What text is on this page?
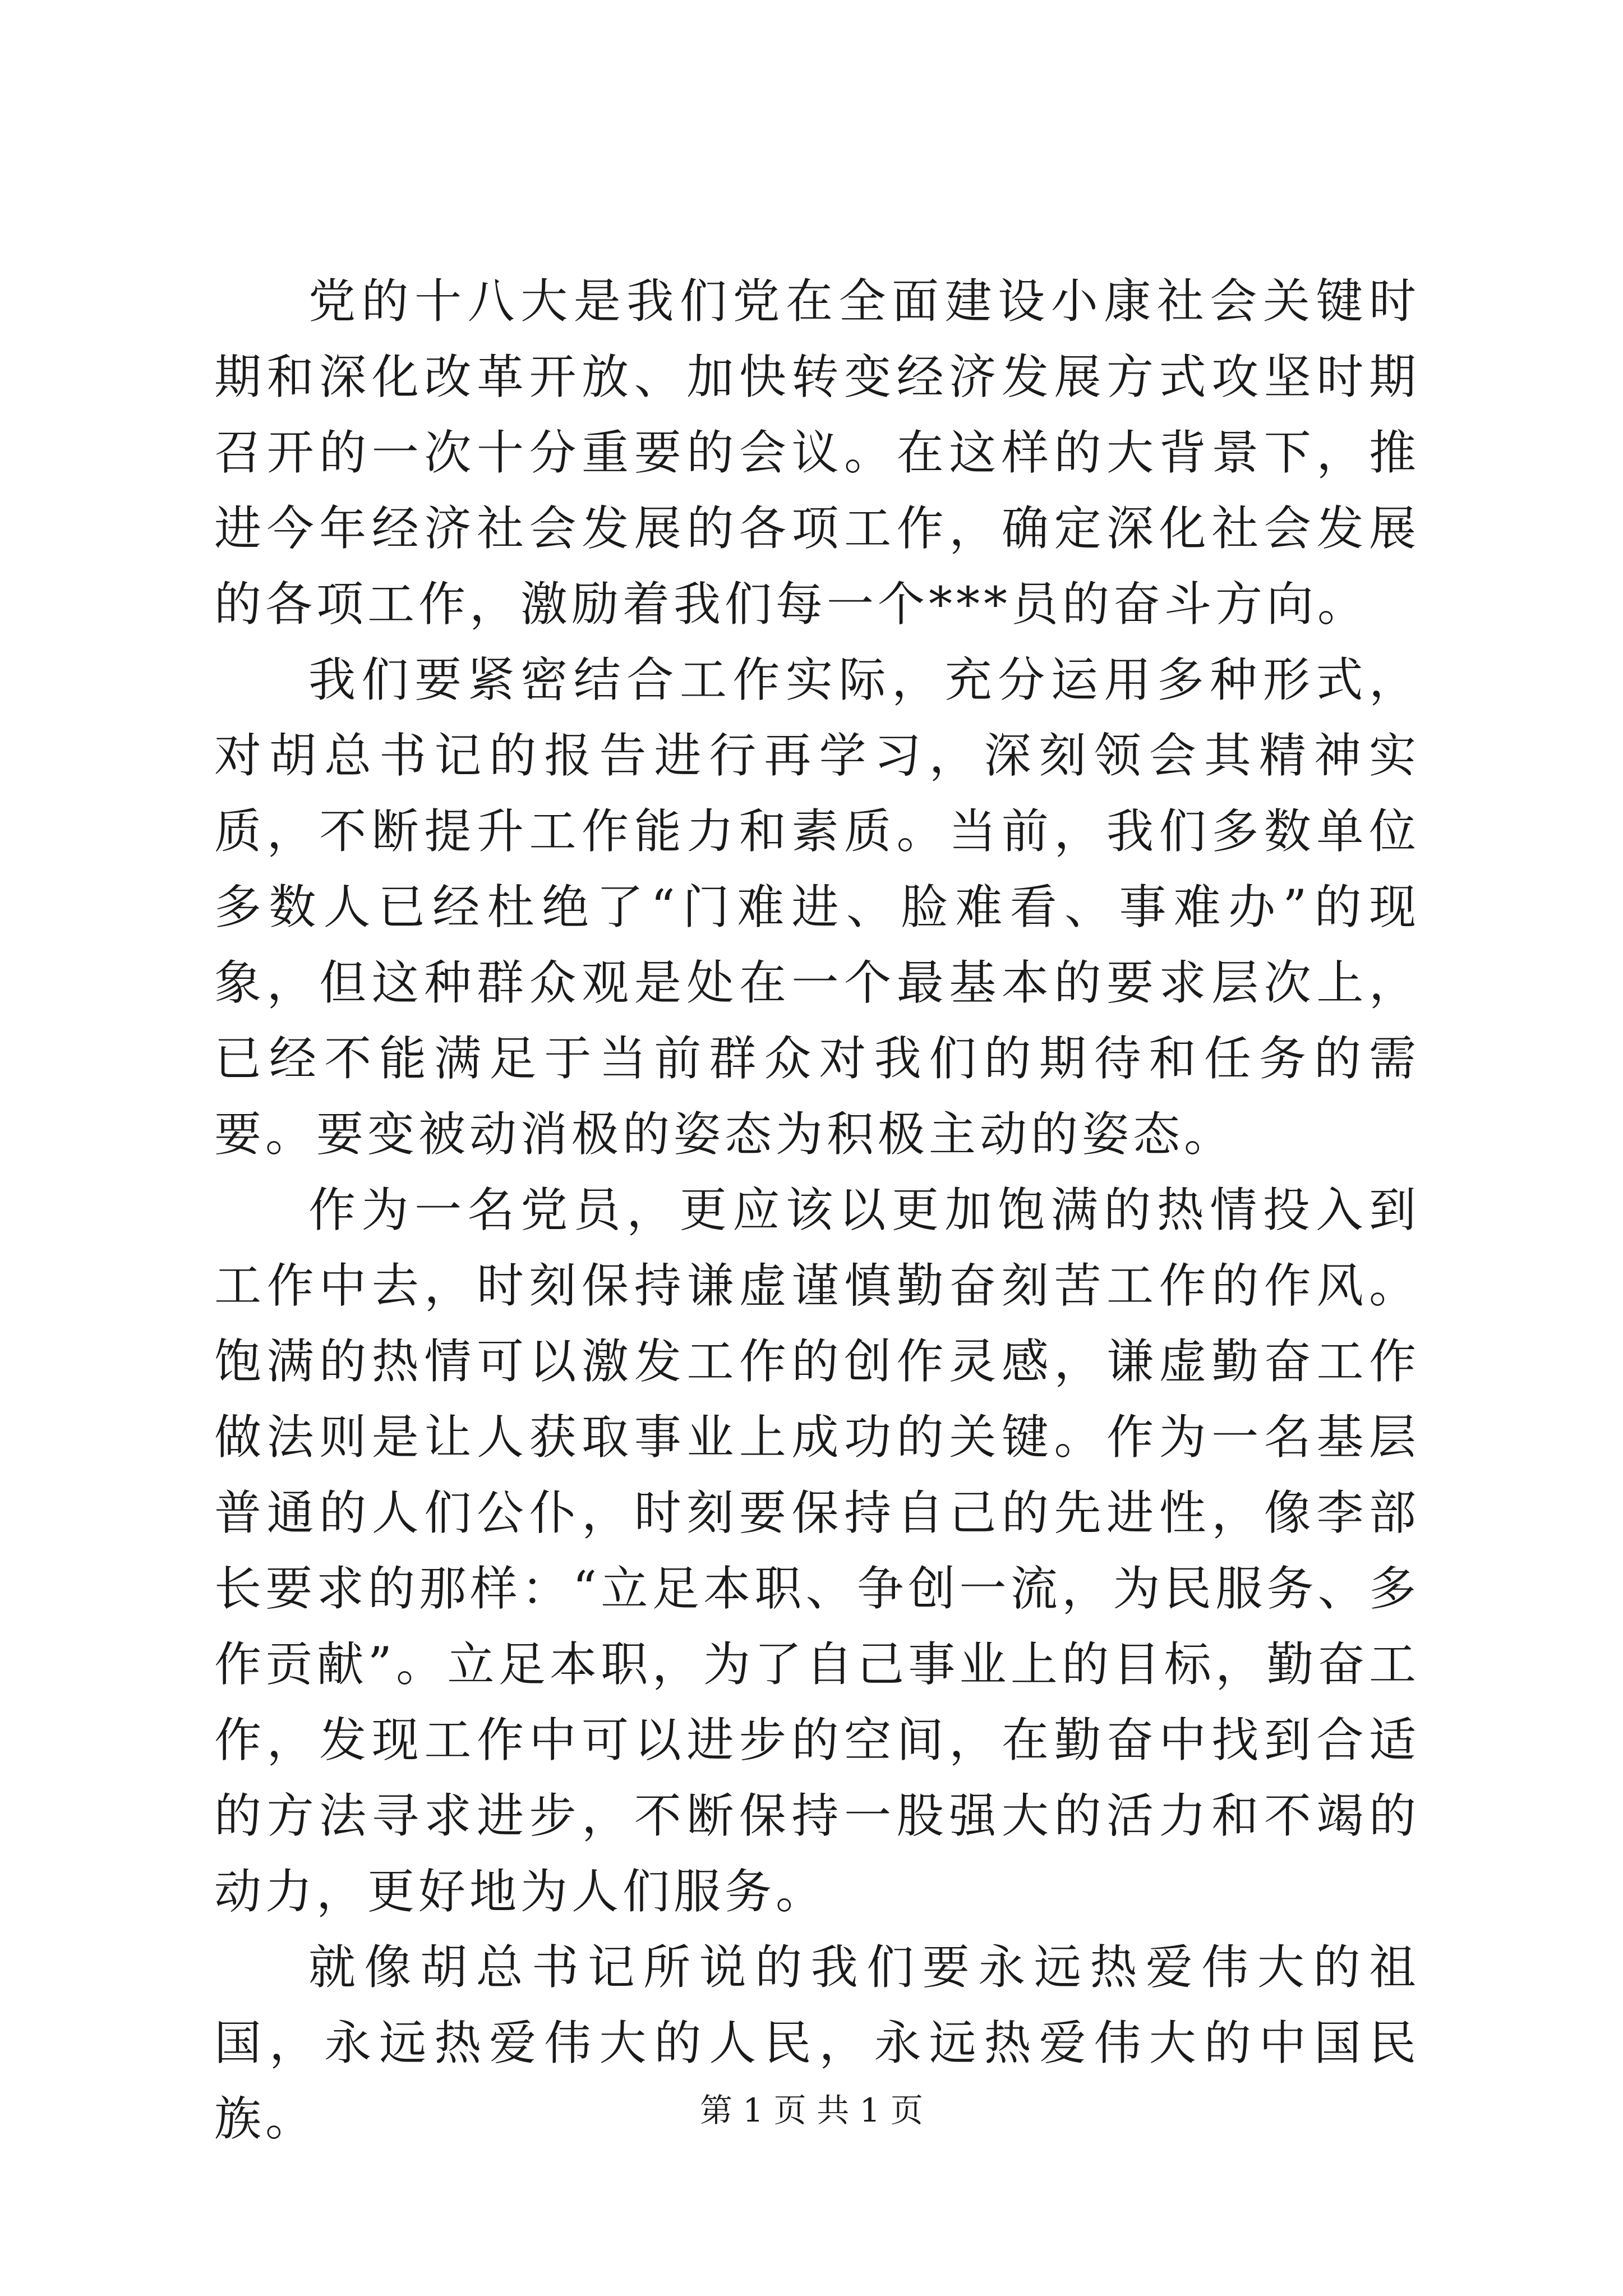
党的十八大是我们党在全面建设小康社会关键时期和深化改革开放、加快转变经济发展方式攻坚时期召开的一次十分重要的会议。在这样的大背景下，推进今年经济社会发展的各项工作，确定深化社会发展的各项工作，激励着我们每一个***员的奋斗方向。

我们要紧密结合工作实际，充分运用多种形式，对胡总书记的报告进行再学习，深刻领会其精神实质，不断提升工作能力和素质。当前，我们多数单位多数人已经杜绝了“门难进、脸难看、事难办”的现象，但这种群众观是处在一个最基本的要求层次上，已经不能满足于当前群众对我们的期待和任务的需要。要变被动消极的姿态为积极主动的姿态。

作为一名党员，更应该以更加饱满的热情投入到工作中去，时刻保持谦虚谨慎勤奋刻苦工作的作风。饱满的热情可以激发工作的创作灵感，谦虚勤奋工作做法则是让人获取事业上成功的关键。作为一名基层普通的人们公仆，时刻要保持自己的先进性，像李部长要求的那样：“立足本职、争创一流，为民服务、多作贡献”。立足本职，为了自己事业上的目标，勤奋工作，发现工作中可以进步的空间，在勤奋中找到合适的方法寻求进步，不断保持一股强大的活力和不竭的动力，更好地为人们服务。

就像胡总书记所说的我们要永远热爱伟大的祖国，永远热爱伟大的人民，永远热爱伟大的中国民族。	第 1 页 共 1 页
